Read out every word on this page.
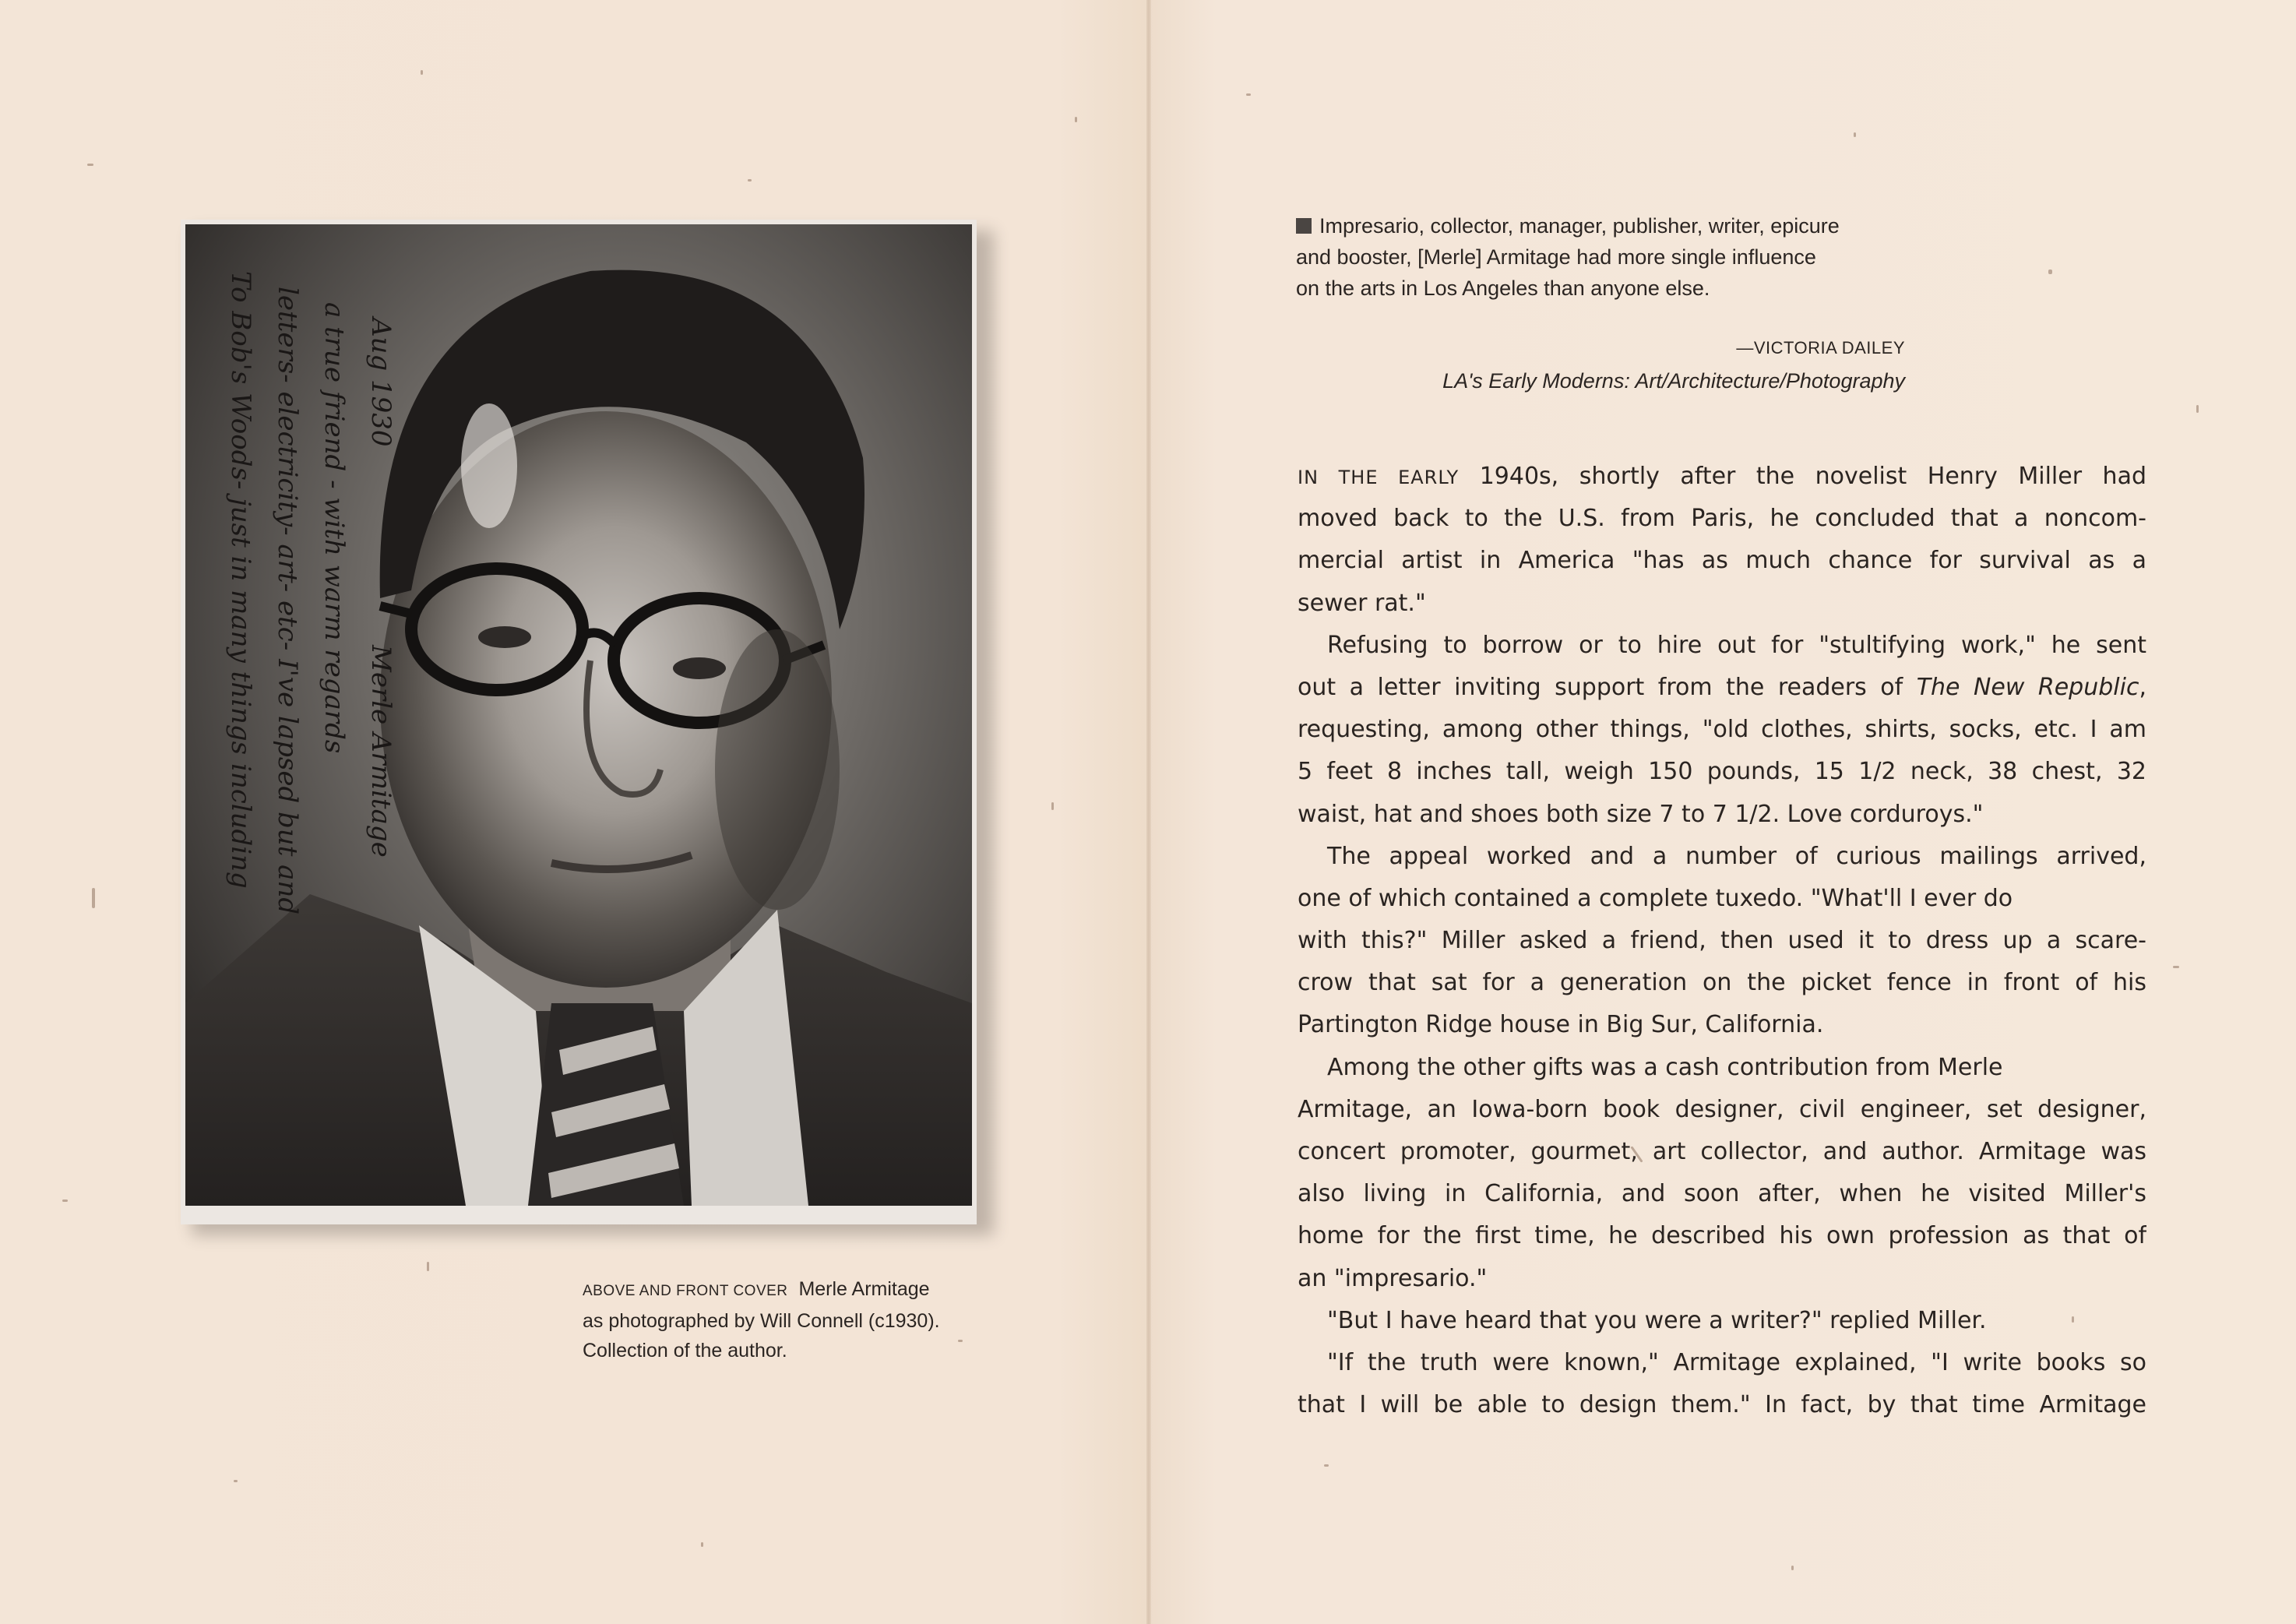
To Bob's Woods- just in many things including letters- electricity- art- etc- I've lapsed but and a true friend - with warm regards Aug 1930
Merle Armitage
ABOVE AND FRONT COVER Merle Armitage
as photographed by Will Connell (c1930).
Collection of the author.
Impresario, collector, manager, publisher, writer, epicure
and booster, [Merle] Armitage had more single influence
on the arts in Los Angeles than anyone else.
—VICTORIA DAILEY
LA's Early Moderns: Art/Architecture/Photography
IN THE EARLY 1940s, shortly after the novelist Henry Miller had
moved back to the U.S. from Paris, he concluded that a noncom-
mercial artist in America "has as much chance for survival as a
sewer rat."
Refusing to borrow or to hire out for "stultifying work," he sent
out a letter inviting support from the readers of The New Republic,
requesting, among other things, "old clothes, shirts, socks, etc. I am
5 feet 8 inches tall, weigh 150 pounds, 15 1/2 neck, 38 chest, 32
waist, hat and shoes both size 7 to 7 1/2. Love corduroys."
The appeal worked and a number of curious mailings arrived,
one of which contained a complete tuxedo. "What'll I ever do
with this?" Miller asked a friend, then used it to dress up a scare-
crow that sat for a generation on the picket fence in front of his
Partington Ridge house in Big Sur, California.
Among the other gifts was a cash contribution from Merle
Armitage, an Iowa-born book designer, civil engineer, set designer,
concert promoter, gourmet, art collector, and author. Armitage was
also living in California, and soon after, when he visited Miller's
home for the first time, he described his own profession as that of
an "impresario."
"But I have heard that you were a writer?" replied Miller.
"If the truth were known," Armitage explained, "I write books so
that I will be able to design them." In fact, by that time Armitage
